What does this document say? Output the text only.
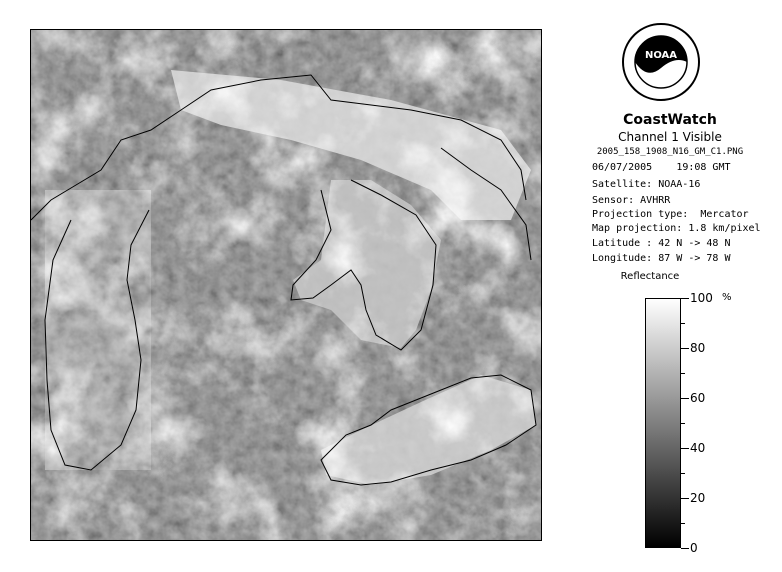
NOAA
CoastWatch
Channel 1 Visible
2005_158_1908_N16_GM_C1.PNG
06/07/2005 19:08 GMT
Satellite: NOAA-16
Sensor: AVHRR
Projection type:  Mercator
Map projection: 1.8 km/pixel
Latitude : 42 N -> 48 N
Longitude: 87 W -> 78 W
Reflectance
%
100
80
60
40
20
0
